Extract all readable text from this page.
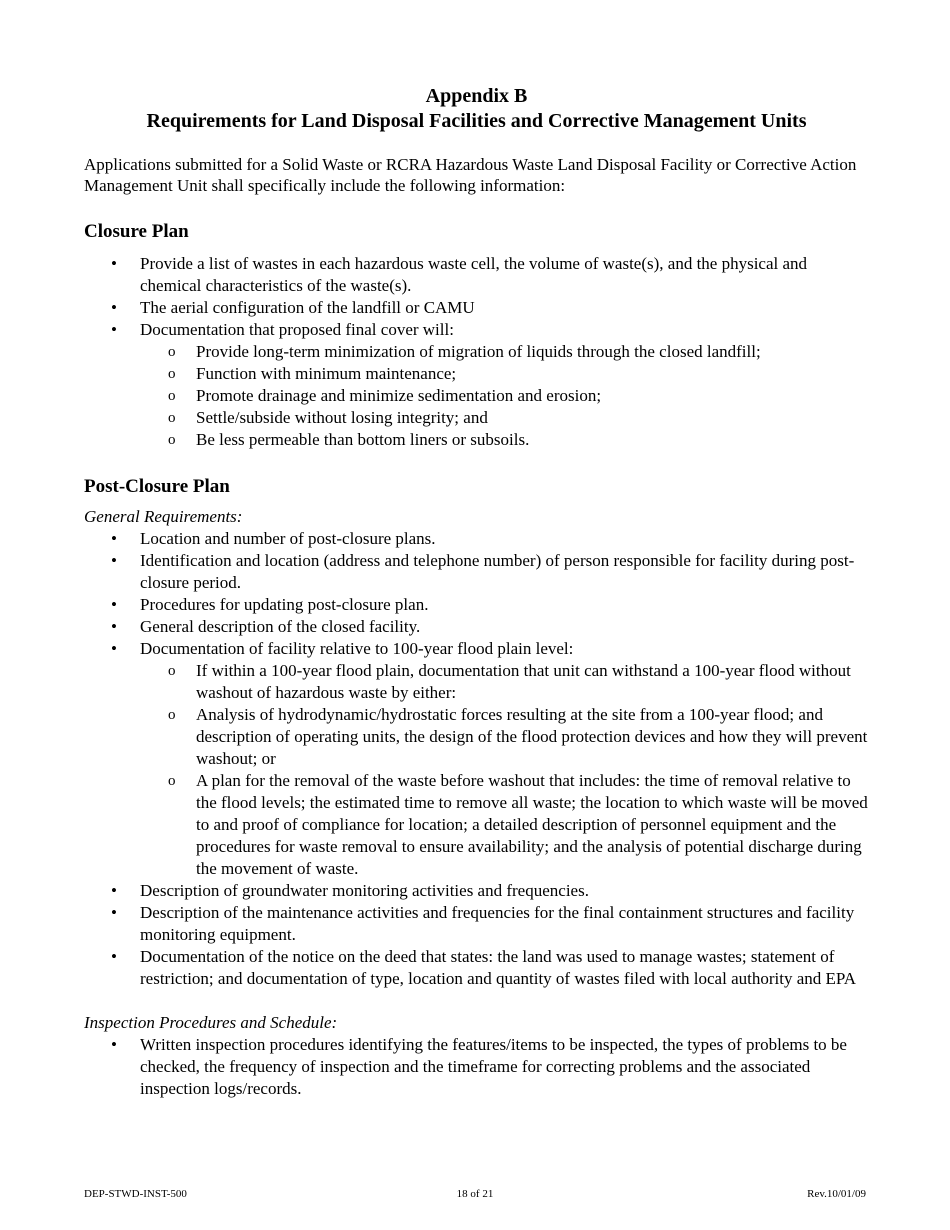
Appendix B

Requirements for Land Disposal Facilities and Corrective Management Units

Applications submitted for a Solid Waste or RCRA Hazardous Waste Land Disposal Facility or Corrective Action Management Unit shall specifically include the following information:

Closure Plan
• Provide a list of wastes in each hazardous waste cell, the volume of waste(s), and the physical and chemical characteristics of the waste(s).
• The aerial configuration of the landfill or CAMU
• Documentation that proposed final cover will:
o Provide long-term minimization of migration of liquids through the closed landfill;
o Function with minimum maintenance;
o Promote drainage and minimize sedimentation and erosion;
o Settle/subside without losing integrity; and
o Be less permeable than bottom liners or subsoils.
Post-Closure Plan

General Requirements:

• Location and number of post-closure plans.
• Identification and location (address and telephone number) of person responsible for facility during post-closure period.
• Procedures for updating post-closure plan.
• General description of the closed facility.
• Documentation of facility relative to 100-year flood plain level:
o If within a 100-year flood plain, documentation that unit can withstand a 100-year flood without washout of hazardous waste by either:
o Analysis of hydrodynamic/hydrostatic forces resulting at the site from a 100-year flood; and description of operating units, the design of the flood protection devices and how they will prevent washout; or
o A plan for the removal of the waste before washout that includes: the time of removal relative to the flood levels; the estimated time to remove all waste; the location to which waste will be moved to and proof of compliance for location; a detailed description of personnel equipment and the procedures for waste removal to ensure availability; and the analysis of potential discharge during the movement of waste.
• Description of groundwater monitoring activities and frequencies.
• Description of the maintenance activities and frequencies for the final containment structures and facility monitoring equipment.
• Documentation of the notice on the deed that states: the land was used to manage wastes; statement of restriction; and documentation of type, location and quantity of wastes filed with local authority and EPA

Inspection Procedures and Schedule:

• Written inspection procedures identifying the features/items to be inspected, the types of problems to be checked, the frequency of inspection and the timeframe for correcting problems and the associated inspection logs/records.
DEP-STWD-INST-500	18 of 21	Rev.10/01/09
